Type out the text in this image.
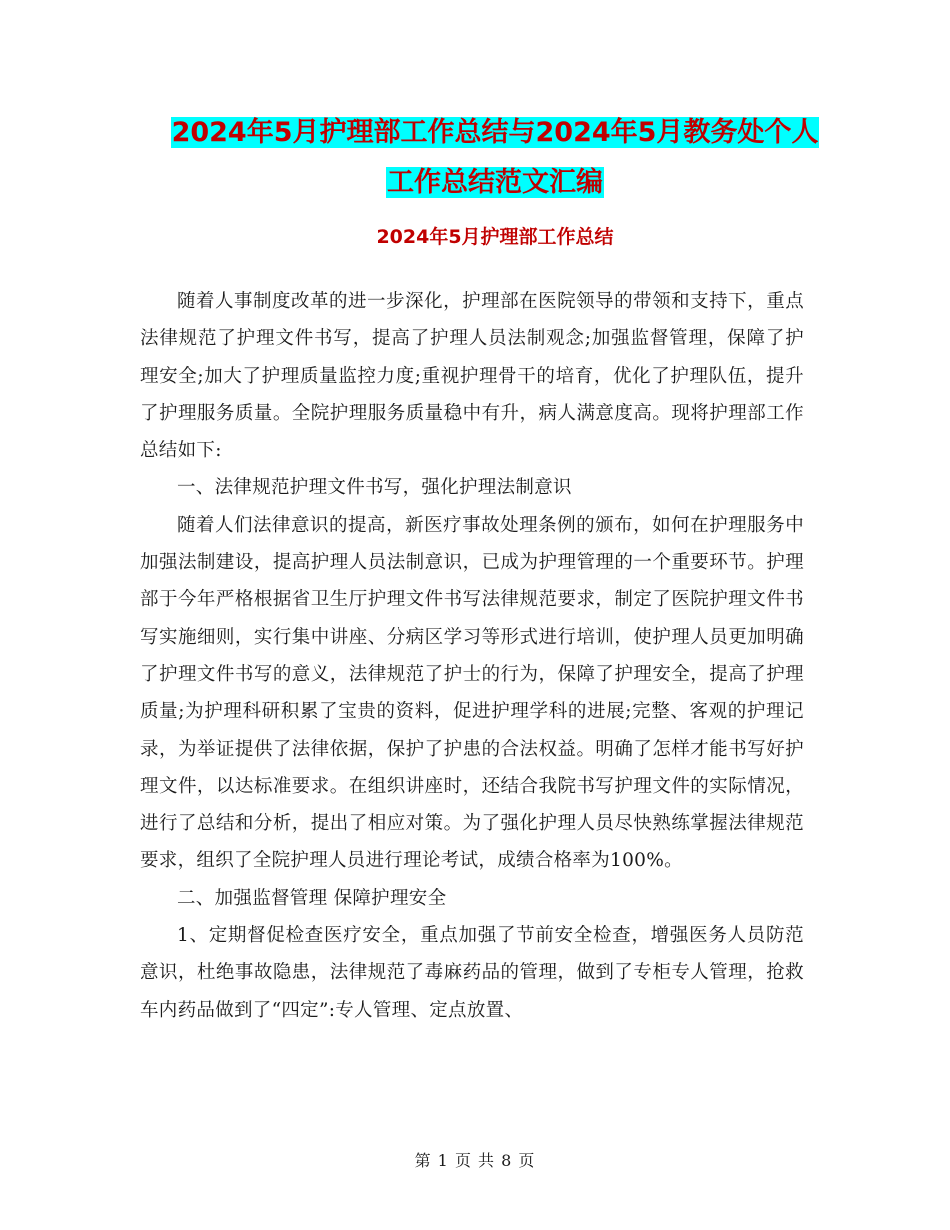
2024年5月护理部工作总结与2024年5月教务处个人
工作总结范文汇编
2024年5月护理部工作总结

随着人事制度改革的进一步深化，护理部在医院领导的带领和支持下，重点法律规范了护理文件书写，提高了护理人员法制观念;加强监督管理，保障了护理安全;加大了护理质量监控力度;重视护理骨干的培育，优化了护理队伍，提升了护理服务质量。全院护理服务质量稳中有升，病人满意度高。现将护理部工作总结如下:

一、法律规范护理文件书写，强化护理法制意识

随着人们法律意识的提高，新医疗事故处理条例的颁布，如何在护理服务中加强法制建设，提高护理人员法制意识，已成为护理管理的一个重要环节。护理部于今年严格根据省卫生厅护理文件书写法律规范要求，制定了医院护理文件书写实施细则，实行集中讲座、分病区学习等形式进行培训，使护理人员更加明确了护理文件书写的意义，法律规范了护士的行为，保障了护理安全，提高了护理质量;为护理科研积累了宝贵的资料，促进护理学科的进展;完整、客观的护理记录，为举证提供了法律依据，保护了护患的合法权益。明确了怎样才能书写好护理文件，以达标准要求。在组织讲座时，还结合我院书写护理文件的实际情况，进行了总结和分析，提出了相应对策。为了强化护理人员尽快熟练掌握法律规范要求，组织了全院护理人员进行理论考试，成绩合格率为100%。

二、加强监督管理 保障护理安全

1、定期督促检查医疗安全，重点加强了节前安全检查，增强医务人员防范意识，杜绝事故隐患，法律规范了毒麻药品的管理，做到了专柜专人管理，抢救车内药品做到了“四定”:专人管理、定点放置、

第 1 页 共 8 页
